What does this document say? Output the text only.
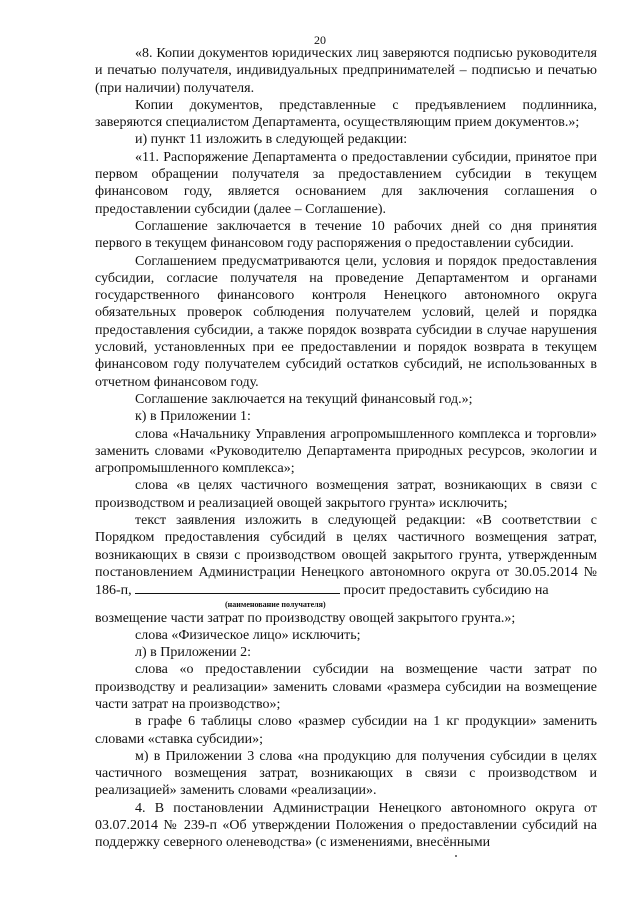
20

«8. Копии документов юридических лиц заверяются подписью руководителя и печатью получателя, индивидуальных предпринимателей – подписью и печатью (при наличии) получателя.

Копии документов, представленные с предъявлением подлинника, заверяются специалистом Департамента, осуществляющим прием документов.»;

и) пункт 11 изложить в следующей редакции:

«11. Распоряжение Департамента о предоставлении субсидии, принятое при первом обращении получателя за предоставлением субсидии в текущем финансовом году, является основанием для заключения соглашения о предоставлении субсидии (далее – Соглашение).

Соглашение заключается в течение 10 рабочих дней со дня принятия первого в текущем финансовом году распоряжения о предоставлении субсидии.

Соглашением предусматриваются цели, условия и порядок предоставления субсидии, согласие получателя на проведение Департаментом и органами государственного финансового контроля Ненецкого автономного округа обязательных проверок соблюдения получателем условий, целей и порядка предоставления субсидии, а также порядок возврата субсидии в случае нарушения условий, установленных при ее предоставлении и порядок возврата в текущем финансовом году получателем субсидий остатков субсидий, не использованных в отчетном финансовом году.

Соглашение заключается на текущий финансовый год.»;

к) в Приложении 1:

слова «Начальнику Управления агропромышленного комплекса и торговли» заменить словами «Руководителю Департамента природных ресурсов, экологии и агропромышленного комплекса»;

слова «в целях частичного возмещения затрат, возникающих в связи с производством и реализацией овощей закрытого грунта» исключить;

текст заявления изложить в следующей редакции: «В соответствии с Порядком предоставления субсидий в целях частичного возмещения затрат, возникающих в связи с производством овощей закрытого грунта, утвержденным постановлением Администрации Ненецкого автономного округа от 30.05.2014 № 186-п,	просит предоставить субсидию на

(наименование получателя)

возмещение части затрат по производству овощей закрытого грунта.»;

слова «Физическое лицо» исключить;

л) в Приложении 2:

слова «о предоставлении субсидии на возмещение части затрат по производству и реализации» заменить словами «размера субсидии на возмещение части затрат на производство»;

в графе 6 таблицы слово «размер субсидии на 1 кг продукции» заменить словами «ставка субсидии»;

м) в Приложении 3 слова «на продукцию для получения субсидии в целях частичного возмещения затрат, возникающих в связи с производством и реализацией» заменить словами «реализации».

4. В постановлении Администрации Ненецкого автономного округа от 03.07.2014 № 239-п «Об утверждении Положения о предоставлении субсидий на поддержку северного оленеводства» (с изменениями, внесёнными
